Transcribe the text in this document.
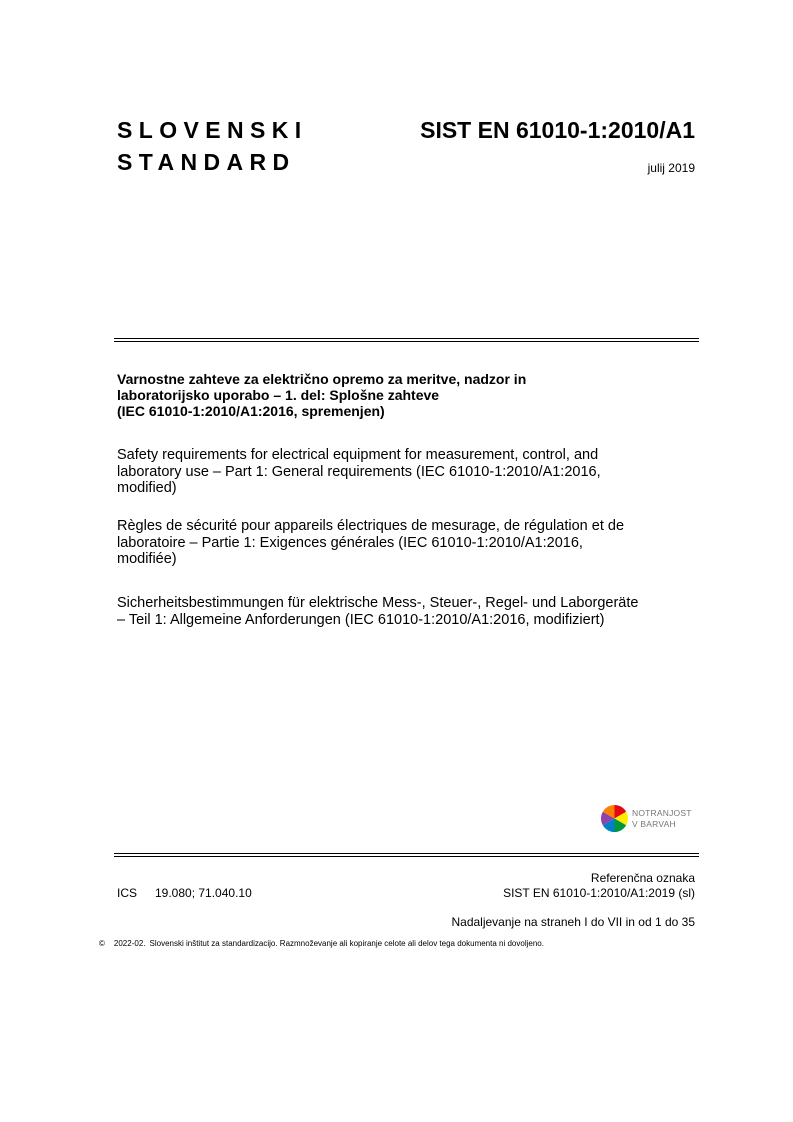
SLOVENSKI
STANDARD
SIST EN 61010-1:2010/A1
julij 2019
Varnostne zahteve za električno opremo za meritve, nadzor in
laboratorijsko uporabo – 1. del: Splošne zahteve
(IEC 61010-1:2010/A1:2016, spremenjen)
Safety requirements for electrical equipment for measurement, control, and
laboratory use – Part 1: General requirements (IEC 61010-1:2010/A1:2016,
modified)
Règles de sécurité pour appareils électriques de mesurage, de régulation et de
laboratoire – Partie 1: Exigences générales (IEC 61010-1:2010/A1:2016,
modifiée)
Sicherheitsbestimmungen für elektrische Mess-, Steuer-, Regel- und Laborgeräte
– Teil 1: Allgemeine Anforderungen (IEC 61010-1:2010/A1:2016, modifiziert)
NOTRANJOST
V BARVAH
Referenčna oznaka
ICS 19.080; 71.040.10	SIST EN 61010-1:2010/A1:2019 (sl)
Nadaljevanje na straneh I do VII in od 1 do 35
© 2022-02. Slovenski inštitut za standardizacijo. Razmnoževanje ali kopiranje celote ali delov tega dokumenta ni dovoljeno.
